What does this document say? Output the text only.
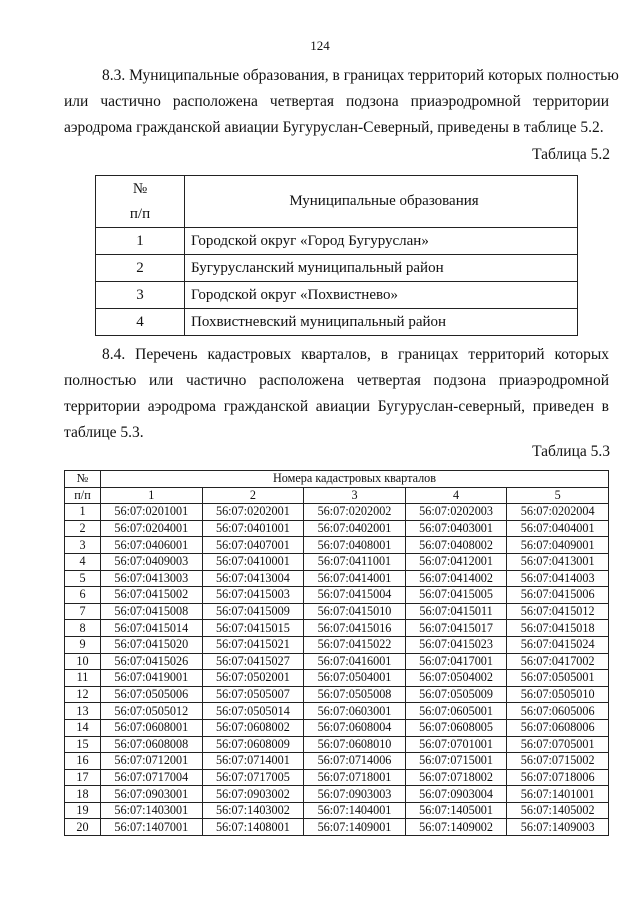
124
8.3. Муниципальные образования, в границах территорий которых полностью
или частично расположена четвертая подзона приаэродромной территории
аэродрома гражданской авиации Бугуруслан-Северный, приведены в таблице 5.2.
Таблица 5.2
№
п/п	Муниципальные образования
1	Городской округ «Город Бугуруслан»
2	Бугурусланский муниципальный район
3	Городской округ «Похвистнево»
4	Похвистневский муниципальный район
8.4. Перечень кадастровых кварталов, в границах территорий которых
полностью или частично расположена четвертая подзона приаэродромной
территории аэродрома гражданской авиации Бугуруслан-северный, приведен в
таблице 5.3.
Таблица 5.3
№	Номера кадастровых кварталов				
п/п	1	2	3	4	5
1	56:07:0201001	56:07:0202001	56:07:0202002	56:07:0202003	56:07:0202004
2	56:07:0204001	56:07:0401001	56:07:0402001	56:07:0403001	56:07:0404001
3	56:07:0406001	56:07:0407001	56:07:0408001	56:07:0408002	56:07:0409001
4	56:07:0409003	56:07:0410001	56:07:0411001	56:07:0412001	56:07:0413001
5	56:07:0413003	56:07:0413004	56:07:0414001	56:07:0414002	56:07:0414003
6	56:07:0415002	56:07:0415003	56:07:0415004	56:07:0415005	56:07:0415006
7	56:07:0415008	56:07:0415009	56:07:0415010	56:07:0415011	56:07:0415012
8	56:07:0415014	56:07:0415015	56:07:0415016	56:07:0415017	56:07:0415018
9	56:07:0415020	56:07:0415021	56:07:0415022	56:07:0415023	56:07:0415024
10	56:07:0415026	56:07:0415027	56:07:0416001	56:07:0417001	56:07:0417002
11	56:07:0419001	56:07:0502001	56:07:0504001	56:07:0504002	56:07:0505001
12	56:07:0505006	56:07:0505007	56:07:0505008	56:07:0505009	56:07:0505010
13	56:07:0505012	56:07:0505014	56:07:0603001	56:07:0605001	56:07:0605006
14	56:07:0608001	56:07:0608002	56:07:0608004	56:07:0608005	56:07:0608006
15	56:07:0608008	56:07:0608009	56:07:0608010	56:07:0701001	56:07:0705001
16	56:07:0712001	56:07:0714001	56:07:0714006	56:07:0715001	56:07:0715002
17	56:07:0717004	56:07:0717005	56:07:0718001	56:07:0718002	56:07:0718006
18	56:07:0903001	56:07:0903002	56:07:0903003	56:07:0903004	56:07:1401001
19	56:07:1403001	56:07:1403002	56:07:1404001	56:07:1405001	56:07:1405002
20	56:07:1407001	56:07:1408001	56:07:1409001	56:07:1409002	56:07:1409003
